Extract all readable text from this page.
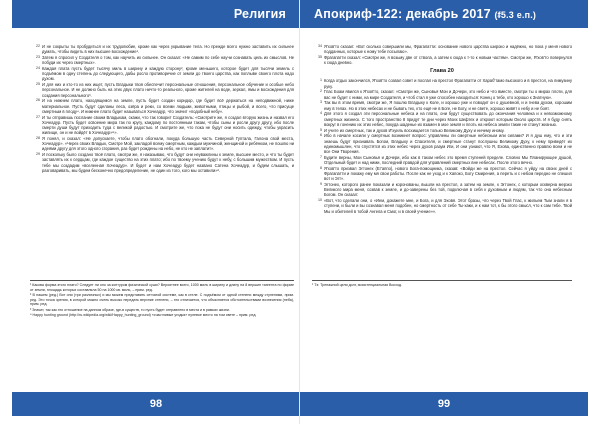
Религия
22 И не сокрыты ты пробудиться и их трудолюбие, кроме как через укрывание тела. Но прежде всего нужно заставить их сильнее думать, чтобы видеть в них высшее восхождение¹.
23 Затем я спросил у Создателя о том, как научить их сильнее. Он сказал: «Не самим по себе научи сознавать цель их смыслов. Не побуди их через смертных».
24 Каждая плата пусть будет тысячу миль в ширину и каждую сторону², кроме меньшего, которое будет для тысячи земель с подъёмом в одну степень до следующего, дабы росло противоречие от земли до твоего царства, как поплыве своего плота надо духом.
25 И для них и кто-то из них ищет, пусть Владыки твоя обеспечит персональные отношения, персональное обучение и особые небо персональное. И не должно быть на этих двух плато ничто-то реального, кроме жителей на воде, зеркал, ямы и восхождения для создания персонального³.
26 И на нижнем плато, находящемся на земле, пусть будет создан коридор, где будет всё держаться на неподвижной, ниже материальное. Пусть будут сделаны леса, озёра и реки, со всеми людьми, животными, птицы и рыбой, и всего, что присуще смертным в плоду⁴. И нижнее плато будет называться Хочеадур, что значит «подобный небу».
27 И ты отправишь послание своим Владыкам, скажи, что так говорит Создатель: «Смотрите же, я создал вторую жизнь и назвал его Хочеадур. Пусть будет освоение мира так по кругу, каждому по постоянным такам, чтобы сыны и росли другу другу, ибо после смерти души будут приходить туда с великой радостью. И смотрите же, что пока не будут они носить одежду, чтобы украсить жилище, он и не войдёт в Хочеадур»⁵».
28 Я понял, и сказал: «Не допускаете, чтобы плато обогнали, покуда большую часть Северной Гуптала, Галона свой места, Хочеадур». «Через своих Владык, Смотре Мой, закладой всему смертным, каждым мужчиной, женщиной и ребёнком, не пошлю ни идеями другу для этого одного сгорания, раз будет рождены на небо, не кто не заплатит».
29 И поскольку было создано твоё плато, смотри же, я наказываю, что будут они неуважлины к земле, высшее место, и что ты будет заставлять их к сердцам, где каждое существо на этих плато; ибо по твоему учению будут к небу, с большим мужеством. И пусть тебе мы создадим «вселенная Хочеадур». И будет и нам Хочеадур будет названо Сатена Хочеадур, и будем слышать, и разговаривать, мы будем бесконечно предопределение, не один из того, кого мы оставили»⁶.
¹ Какова форма этого плато? Следует ли оно за контуром физической суши? Вероятнее всего, 1000 миль в ширину и длину на 8 вершин тангента по форме от земли, площадь которых составляла 50 на 1000 кв. миль, – прим. ред.
² В нашем (ред.) Вот они (три различных) и мы можем представить сетчатой системе, как в стеле. С подъёмом от одной степени между ступенями, прим. ред. Это точка зрения, в которой можно очень высоко передать верхние степени, – это отличается, что объясняется обстоятельствами вознесения (неба), прим. ред.
³ Значит, так как это отношение на данном образе, где-в существ, то пусть будет отправлено в места и в рамках жизни.
⁴ Happy hunting ground (http://ru.wikipedia.org/wiki/Happy_hunting_ground) «счастливые угодья» нулевое место на том свете – прим. ред.
98
Апокриф-122: декабрь 2017 (ᵮ5.3 е.п.)
34 Я'хов'то сказал: «Вот сколько совершили мы, Фрагапатти: основание нового царства широко и надёжно, но пока у меня нового подданных, которые к ному тебе посылаю».
35 Фрагапатти сказал: «Смотри же, я возьму две от ствола, а затем к сюда к т-то к новым частям». Смотри же, Я'хов'то повернулся к сюда дневно.
Глава 20
1 Когда отдых закончился, Я'хов'то созвал совет и послал на престол Фрагапатти от Хараб'тамо высокого и в престол, на лимузину руку.
2 Глас Боам явился к Я'хов'то, сказал: «Смотри же, Сыновья Мои и Дочери, это небо и что вместе, смотри ты о мирах плоти, для вас не будет с ними, на мире Создателя, и чтоб стал я уже способен находиться: Конец о тебе, кто хорошо к Знатную».
3 Так вы в этом время, смотри же, Я пошлю Владыку к Коле, и хорошо уже и поводит он о душевной, и и гнева духом, хорошим ему в телах. Но в этих небесах и не бывать тех, кто ещё не в Боге, не Богу, и не свете, хорошо живёт к небу и не боят.
4 Для этого я создал эти персональные небеса и на плато, они будут существовать до окончания человека и к невозможному смертных жизнеск. С того пространство 8 придут те дни через Моих Шефтех и откроют которым Около царств. И я буду снять вокруг в гонению их этих небес, покуда шаденье их взамен в мое земля и плоть на небеса земли такие не станут жизнью.
5 И учите их смертных, так и духов И'хуиль восхищается только Великому Духу и ничему иному.
6 Ибо в начале косили у смертных возникнет вопрос: управлены ли смертные небесным или силами? И я душ ему, что и эти знаешь будут признавать Богом, Владыку и Спасителя, и смертные станут послушны Великому Духу, к нему приведёт их единомышлен, что спустятся из этих небес через духов разум Иги, И они узнают, что Я, Ехова, единственно правлю всем и не все Они Творения.
7 Будите верны, Мои Сыновья и Дочери, ибо как в таком небес это время ступеней пределе. Словно Мы Планирующее душой, Отдельный будет и над ними, последний правдой для управлений смертных вне небесах. После этого вечно.
8 Я'хов'то призвал Эгтонех (Ег'аппо), нового Бога-помощника, сказав: «Войди же на престол. Сейчас я уйду на своих дней с Фрагапатти и покажу ему мя свои работы. После как не уход и к Хапоко, Богу Смирения, а переть и с небом передно не спешил вот и Эгт».
9 Эгтонех, которого ранее показали и коронованы, вышли на престол, а затем на земле, к Эгтонех, с которым оскверна мерзко Великого мира меня, созвав к земле, и до-заверены без той, подключая в себя к духовным и людям, так что она небесным Богом. Он сказал:
10 «Вот, что сделали они, о «Ием, докажете мне, и Бога, и для Эховя. Этот бразы, что через Твой Глас, к жильем Тым знали я в ступени, и были и вы сознавал меня подобен, но смертность от себе Ты-хаки, и к нам тот, к бы этого смысл, что к сам тебе. Твой Мы и обителей в тобой Ангела и Смог, и в своей учение»».
¹ Тэ: Тренажной цели долг, экзистенциальная Восход.
99
